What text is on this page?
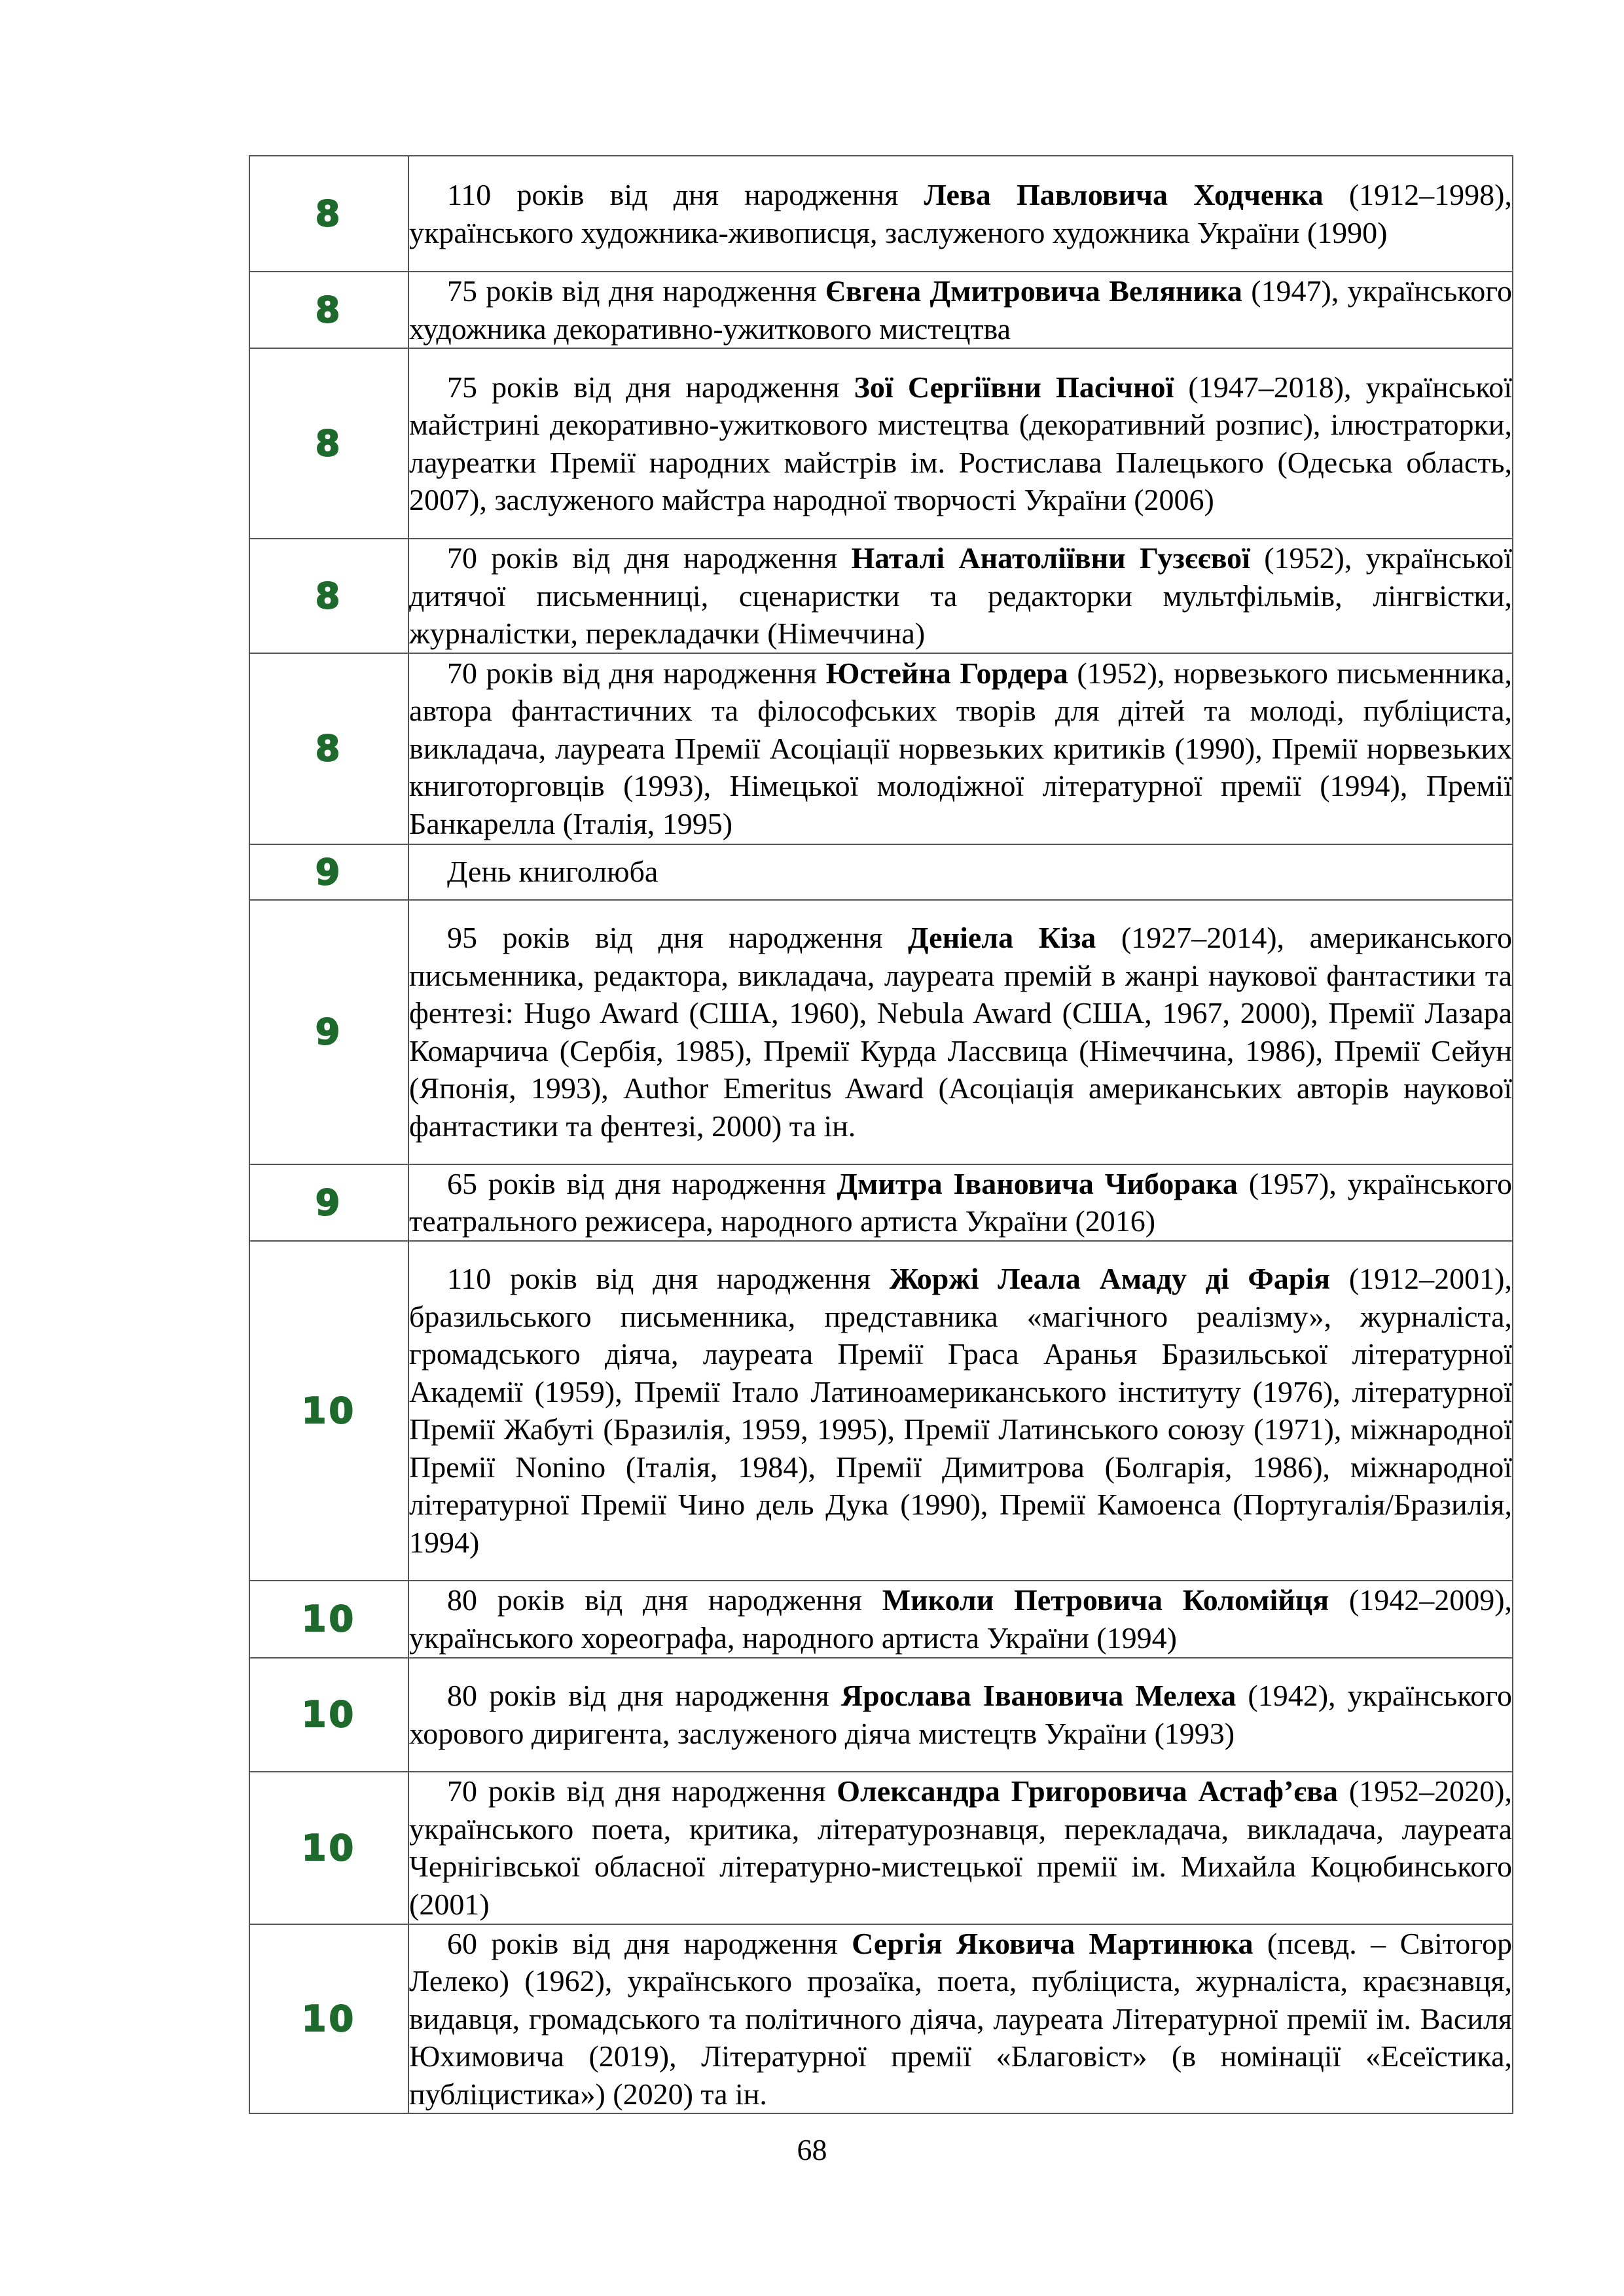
8	110 років від дня народження Лева Павловича Ходченка (1912–1998), українського художника-живописця, заслуженого художника України (1990)

8	75 років від дня народження Євгена Дмитровича Веляника (1947), українського художника декоративно-ужиткового мистецтва

8	75 років від дня народження Зої Сергіївни Пасічної (1947–2018), української майстрині декоративно-ужиткового мистецтва (декоративний розпис), ілюстраторки, лауреатки Премії народних майстрів ім. Ростислава Палецького (Одеська область, 2007), заслуженого майстра народної творчості України (2006)

8	70 років від дня народження Наталі Анатоліївни Гузєєвої (1952), української дитячої письменниці, сценаристки та редакторки мультфільмів, лінгвістки, журналістки, перекладачки (Німеччина)

8	70 років від дня народження Юстейна Гордера (1952), норвезького письменника, автора фантастичних та філософських творів для дітей та молоді, публіциста, викладача, лауреата Премії Асоціації норвезьких критиків (1990), Премії норвезьких книготорговців (1993), Німецької молодіжної літературної премії (1994), Премії Банкарелла (Італія, 1995)

9	День книголюба

9	95 років від дня народження Деніела Кіза (1927–2014), американського письменника, редактора, викладача, лауреата премій в жанрі наукової фантастики та фентезі: Hugo Award (США, 1960), Nebula Award (США, 1967, 2000), Премії Лазара Комарчича (Сербія, 1985), Премії Курда Лассвица (Німеччина, 1986), Премії Сейун (Японія, 1993), Author Emeritus Award (Асоціація американських авторів наукової фантастики та фентезі, 2000) та ін.

9	65 років від дня народження Дмитра Івановича Чиборака (1957), українського театрального режисера, народного артиста України (2016)

10	110 років від дня народження Жоржі Леала Амаду ді Фарія (1912–2001), бразильського письменника, представника «магічного реалізму», журналіста, громадського діяча, лауреата Премії Граса Аранья Бразильської літературної Академії (1959), Премії Італо Латиноамериканського інституту (1976), літературної Премії Жабуті (Бразилія, 1959, 1995), Премії Латинського союзу (1971), міжнародної Премії Nonino (Італія, 1984), Премії Димитрова (Болгарія, 1986), міжнародної літературної Премії Чино дель Дука (1990), Премії Камоенса (Португалія/Бразилія, 1994)

10	80 років від дня народження Миколи Петровича Коломійця (1942–2009), українського хореографа, народного артиста України (1994)

10	80 років від дня народження Ярослава Івановича Мелеха (1942), українського хорового диригента, заслуженого діяча мистецтв України (1993)

10	70 років від дня народження Олександра Григоровича Астаф’єва (1952–2020), українського поета, критика, літературознавця, перекладача, викладача, лауреата Чернігівської обласної літературно-мистецької премії ім. Михайла Коцюбинського (2001)

10	60 років від дня народження Сергія Яковича Мартинюка (псевд. – Світогор Лелеко) (1962), українського прозаїка, поета, публіциста, журналіста, краєзнавця, видавця, громадського та політичного діяча, лауреата Літературної премії ім. Василя Юхимовича (2019), Літературної премії «Благовіст» (в номінації «Есеїстика, публіцистика») (2020) та ін.

68
